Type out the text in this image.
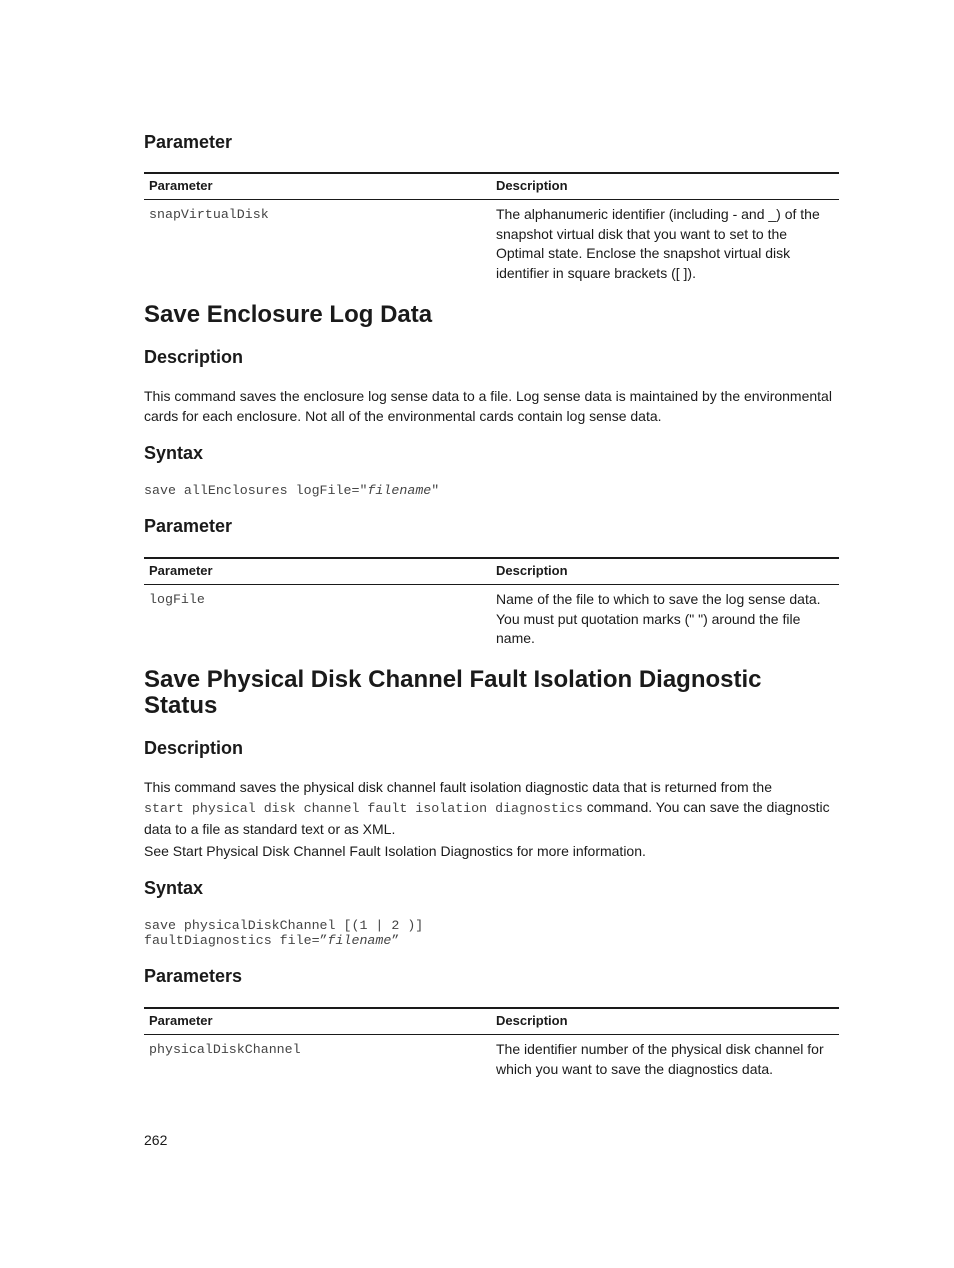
Parameter
Parameter	Description
snapVirtualDisk	The alphanumeric identifier (including - and _) of the snapshot virtual disk that you want to set to the Optimal state. Enclose the snapshot virtual disk identifier in square brackets ([ ]).
Save Enclosure Log Data
Description

This command saves the enclosure log sense data to a file. Log sense data is maintained by the environmental cards for each enclosure. Not all of the environmental cards contain log sense data.

Syntax
save allEnclosures logFile="filename"
Parameter
Parameter	Description
logFile	Name of the file to which to save the log sense data. You must put quotation marks (" ") around the file name.
Save Physical Disk Channel Fault Isolation Diagnostic Status
Description

This command saves the physical disk channel fault isolation diagnostic data that is returned from the
start physical disk channel fault isolation diagnostics command. You can save the diagnostic data to a file as standard text or as XML.

See Start Physical Disk Channel Fault Isolation Diagnostics for more information.

Syntax
save physicalDiskChannel [(1 | 2 )]
faultDiagnostics file=”filename”
Parameters
Parameter	Description
physicalDiskChannel	The identifier number of the physical disk channel for which you want to save the diagnostics data.
262
